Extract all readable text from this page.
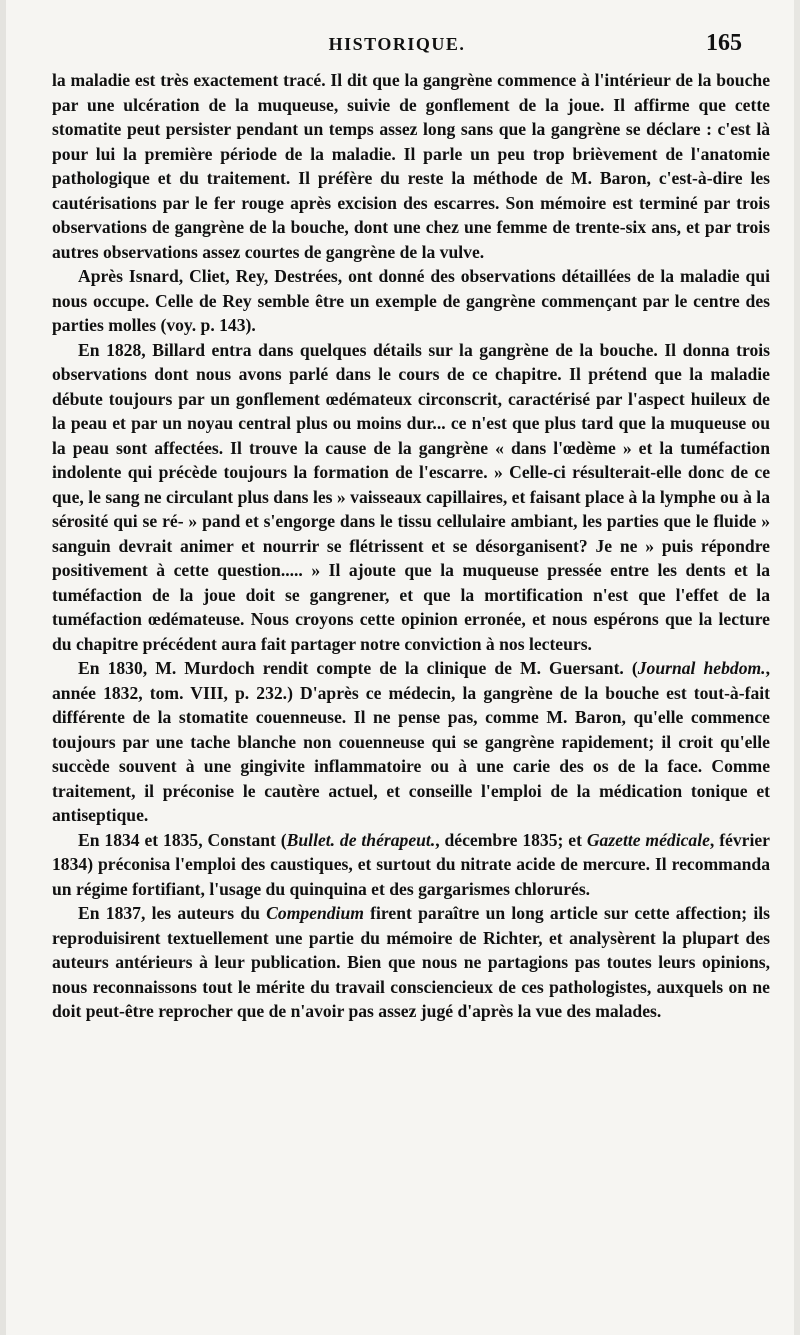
HISTORIQUE.	165

la maladie est très exactement tracé. Il dit que la gangrène commence à l'intérieur de la bouche par une ulcération de la muqueuse, suivie de gonflement de la joue. Il affirme que cette stomatite peut persister pendant un temps assez long sans que la gangrène se déclare : c'est là pour lui la première période de la maladie. Il parle un peu trop brièvement de l'anatomie pathologique et du traitement. Il préfère du reste la méthode de M. Baron, c'est-à-dire les cautérisations par le fer rouge après excision des escarres. Son mémoire est terminé par trois observations de gangrène de la bouche, dont une chez une femme de trente-six ans, et par trois autres observations assez courtes de gangrène de la vulve.

Après Isnard, Cliet, Rey, Destrées, ont donné des observations détaillées de la maladie qui nous occupe. Celle de Rey semble être un exemple de gangrène commençant par le centre des parties molles (voy. p. 143).

En 1828, Billard entra dans quelques détails sur la gangrène de la bouche. Il donna trois observations dont nous avons parlé dans le cours de ce chapitre. Il prétend que la maladie débute toujours par un gonflement œdémateux circonscrit, caractérisé par l'aspect huileux de la peau et par un noyau central plus ou moins dur... ce n'est que plus tard que la muqueuse ou la peau sont affectées. Il trouve la cause de la gangrène « dans l'œdème » et la tuméfaction indolente qui précède toujours la formation de l'escarre. » Celle-ci résulterait-elle donc de ce que, le sang ne circulant plus dans les » vaisseaux capillaires, et faisant place à la lymphe ou à la sérosité qui se ré- » pand et s'engorge dans le tissu cellulaire ambiant, les parties que le fluide » sanguin devrait animer et nourrir se flétrissent et se désorganisent? Je ne » puis répondre positivement à cette question..... » Il ajoute que la muqueuse pressée entre les dents et la tuméfaction de la joue doit se gangrener, et que la mortification n'est que l'effet de la tuméfaction œdémateuse. Nous croyons cette opinion erronée, et nous espérons que la lecture du chapitre précédent aura fait partager notre conviction à nos lecteurs.

En 1830, M. Murdoch rendit compte de la clinique de M. Guersant. (Journal hebdom., année 1832, tom. VIII, p. 232.) D'après ce médecin, la gangrène de la bouche est tout-à-fait différente de la stomatite couenneuse. Il ne pense pas, comme M. Baron, qu'elle commence toujours par une tache blanche non couenneuse qui se gangrène rapidement; il croit qu'elle succède souvent à une gingivite inflammatoire ou à une carie des os de la face. Comme traitement, il préconise le cautère actuel, et conseille l'emploi de la médication tonique et antiseptique.

En 1834 et 1835, Constant (Bullet. de thérapeut., décembre 1835; et Gazette médicale, février 1834) préconisa l'emploi des caustiques, et surtout du nitrate acide de mercure. Il recommanda un régime fortifiant, l'usage du quinquina et des gargarismes chlorurés.

En 1837, les auteurs du Compendium firent paraître un long article sur cette affection; ils reproduisirent textuellement une partie du mémoire de Richter, et analysèrent la plupart des auteurs antérieurs à leur publication. Bien que nous ne partagions pas toutes leurs opinions, nous reconnaissons tout le mérite du travail consciencieux de ces pathologistes, auxquels on ne doit peut-être reprocher que de n'avoir pas assez jugé d'après la vue des malades.
